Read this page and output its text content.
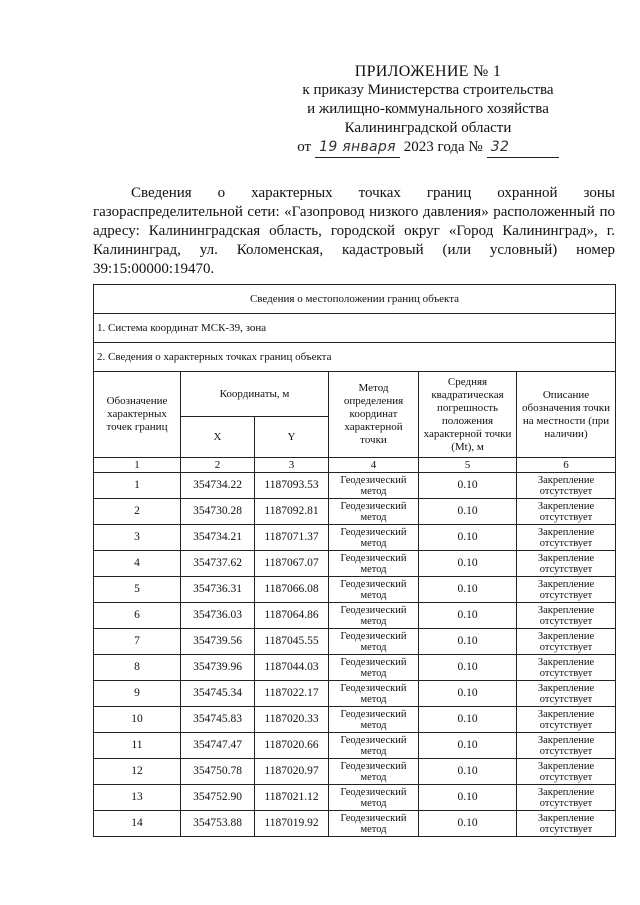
ПРИЛОЖЕНИЕ № 1
к приказу Министерства строительства
и жилищно-коммунального хозяйства
Калининградской области
от 19 января 2023 года № 32
Сведения о характерных точках границ охранной зоны газораспределительной сети: «Газопровод низкого давления» расположенный по адресу: Калининградская область, городской округ «Город Калининград», г. Калининград, ул. Коломенская, кадастровый (или условный) номер 39:15:00000:19470.
Сведения о местоположении границ объекта					
1. Система координат МСК-39, зона					
2. Сведения о характерных точках границ объекта					
Обозначение характерных точек границ	Координаты, м		Метод определения координат характерной точки	Средняя квадратическая погрешность положения характерной точки (Mt), м	Описание обозначения точки на местности (при наличии)
	X	Y			
1	2	3	4	5	6
1	354734.22	1187093.53	Геодезический метод	0.10	Закрепление отсутствует
2	354730.28	1187092.81	Геодезический метод	0.10	Закрепление отсутствует
3	354734.21	1187071.37	Геодезический метод	0.10	Закрепление отсутствует
4	354737.62	1187067.07	Геодезический метод	0.10	Закрепление отсутствует
5	354736.31	1187066.08	Геодезический метод	0.10	Закрепление отсутствует
6	354736.03	1187064.86	Геодезический метод	0.10	Закрепление отсутствует
7	354739.56	1187045.55	Геодезический метод	0.10	Закрепление отсутствует
8	354739.96	1187044.03	Геодезический метод	0.10	Закрепление отсутствует
9	354745.34	1187022.17	Геодезический метод	0.10	Закрепление отсутствует
10	354745.83	1187020.33	Геодезический метод	0.10	Закрепление отсутствует
11	354747.47	1187020.66	Геодезический метод	0.10	Закрепление отсутствует
12	354750.78	1187020.97	Геодезический метод	0.10	Закрепление отсутствует
13	354752.90	1187021.12	Геодезический метод	0.10	Закрепление отсутствует
14	354753.88	1187019.92	Геодезический метод	0.10	Закрепление отсутствует
